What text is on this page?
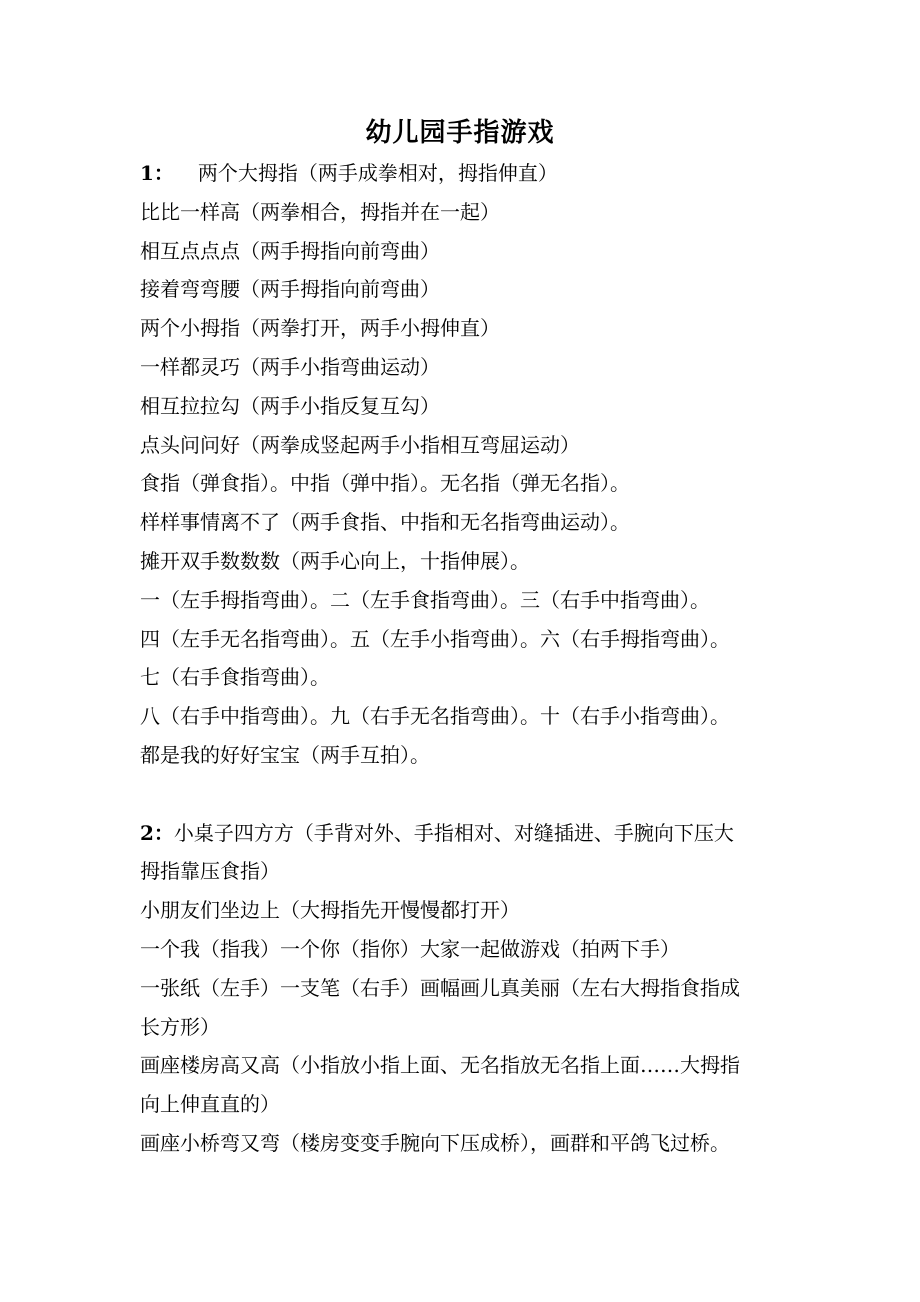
幼儿园手指游戏
1： 两个大拇指（两手成拳相对，拇指伸直）
比比一样高（两拳相合，拇指并在一起）
相互点点点（两手拇指向前弯曲）
接着弯弯腰（两手拇指向前弯曲）
两个小拇指（两拳打开，两手小拇伸直）
一样都灵巧（两手小指弯曲运动）
相互拉拉勾（两手小指反复互勾）
点头问问好（两拳成竖起两手小指相互弯屈运动）
食指（弹食指）。中指（弹中指）。无名指（弹无名指）。
样样事情离不了（两手食指、中指和无名指弯曲运动）。
摊开双手数数数（两手心向上，十指伸展）。
一（左手拇指弯曲）。二（左手食指弯曲）。三（右手中指弯曲）。
四（左手无名指弯曲）。五（左手小指弯曲）。六（右手拇指弯曲）。
七（右手食指弯曲）。
八（右手中指弯曲）。九（右手无名指弯曲）。十（右手小指弯曲）。
都是我的好好宝宝（两手互拍）。
2：小桌子四方方（手背对外、手指相对、对缝插进、手腕向下压大
拇指靠压食指）
小朋友们坐边上（大拇指先开慢慢都打开）
一个我（指我）一个你（指你）大家一起做游戏（拍两下手）
一张纸（左手）一支笔（右手）画幅画儿真美丽（左右大拇指食指成
长方形）
画座楼房高又高（小指放小指上面、无名指放无名指上面……大拇指
向上伸直直的）
画座小桥弯又弯（楼房变变手腕向下压成桥），画群和平鸽飞过桥。
